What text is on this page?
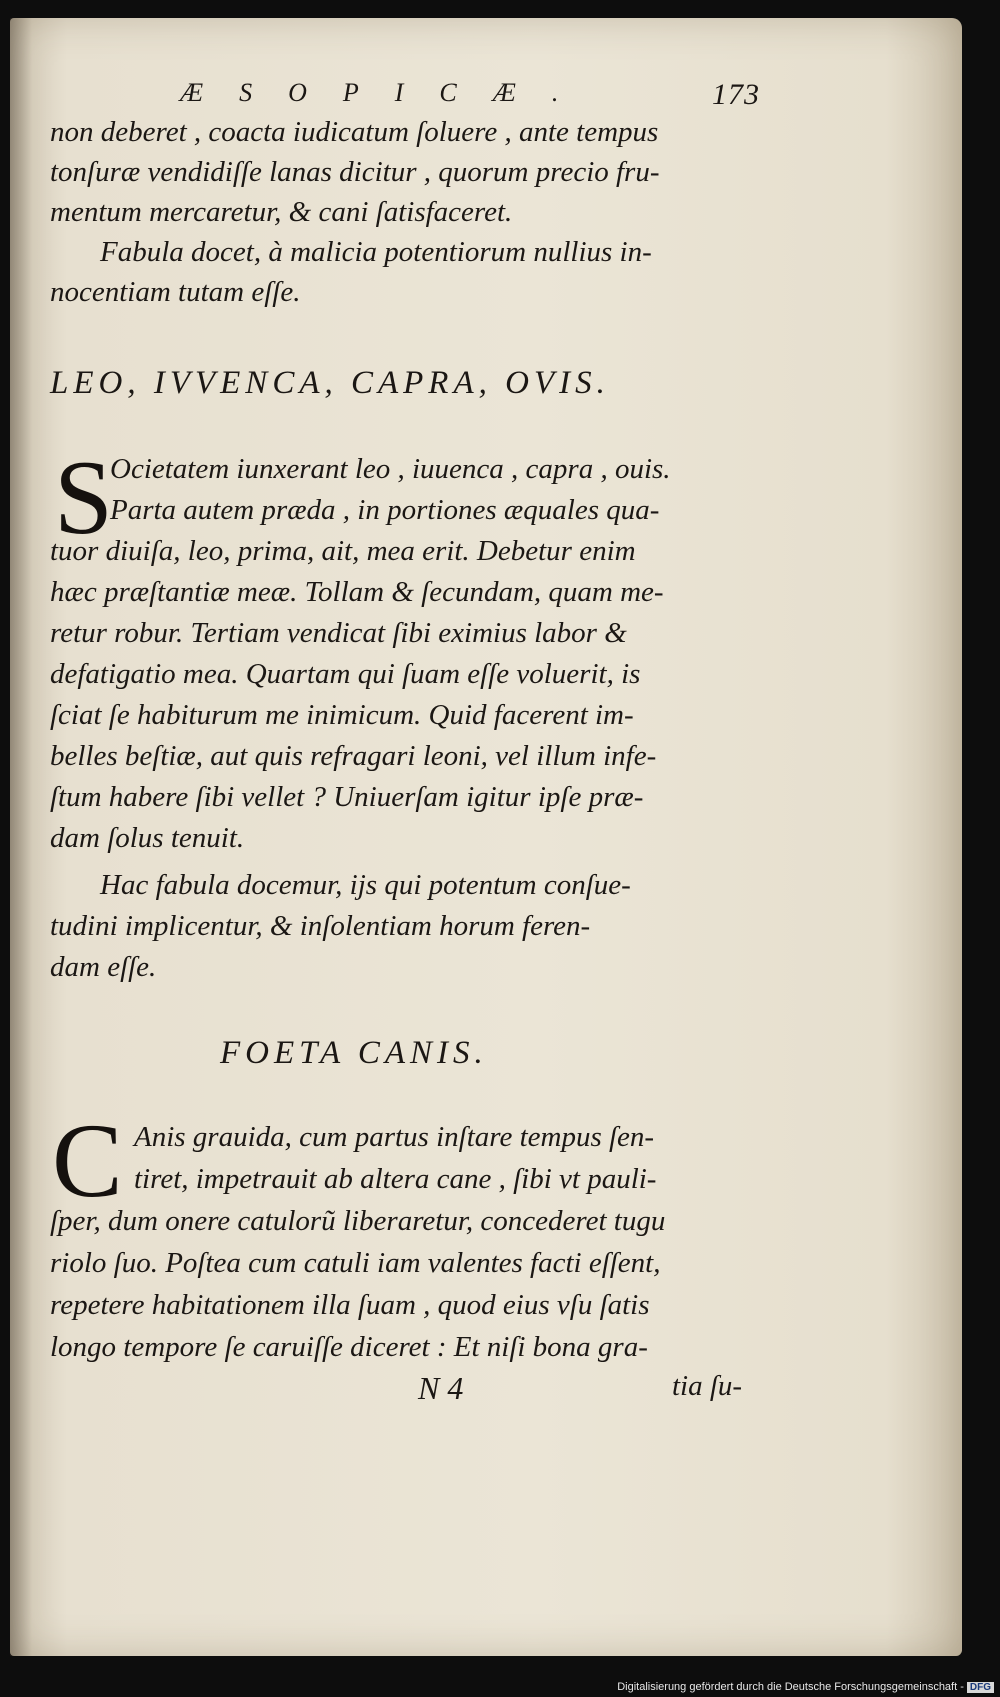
ÆSOPICÆ.	173
non deberet , coacta iudicatum ſoluere , ante tempus
tonſuræ vendidiſſe lanas dicitur , quorum precio fru-
mentum mercaretur, & cani ſatisfaceret.
Fabula docet, à malicia potentiorum nullius in-
nocentiam tutam eſſe.
LEO, IVVENCA, CAPRA, OVIS.
S
Ocietatem iunxerant leo , iuuenca , capra , ouis.
Parta autem præda , in portiones æquales qua-
tuor diuiſa, leo, prima, ait, mea erit. Debetur enim
hæc præſtantiæ meæ. Tollam & ſecundam, quam me-
retur robur. Tertiam vendicat ſibi eximius labor &
defatigatio mea. Quartam qui ſuam eſſe voluerit, is
ſciat ſe habiturum me inimicum. Quid facerent im-
belles beſtiæ, aut quis refragari leoni, vel illum infe-
ſtum habere ſibi vellet ? Uniuerſam igitur ipſe præ-
dam ſolus tenuit.
Hac fabula docemur, ijs qui potentum conſue-
tudini implicentur, & inſolentiam horum feren-
dam eſſe.
FOETA CANIS.
C Anis grauida, cum partus inſtare tempus ſen-
tiret, impetrauit ab altera cane , ſibi vt pauli-
ſper, dum onere catulorũ liberaretur, concederet tugu
riolo ſuo. Poſtea cum catuli iam valentes facti eſſent,
repetere habitationem illa ſuam , quod eius vſu ſatis
longo tempore ſe caruiſſe diceret : Et niſi bona gra-
N 4	tia ſu-
Digitalisierung gefördert durch die Deutsche Forschungsgemeinschaft - DFG
